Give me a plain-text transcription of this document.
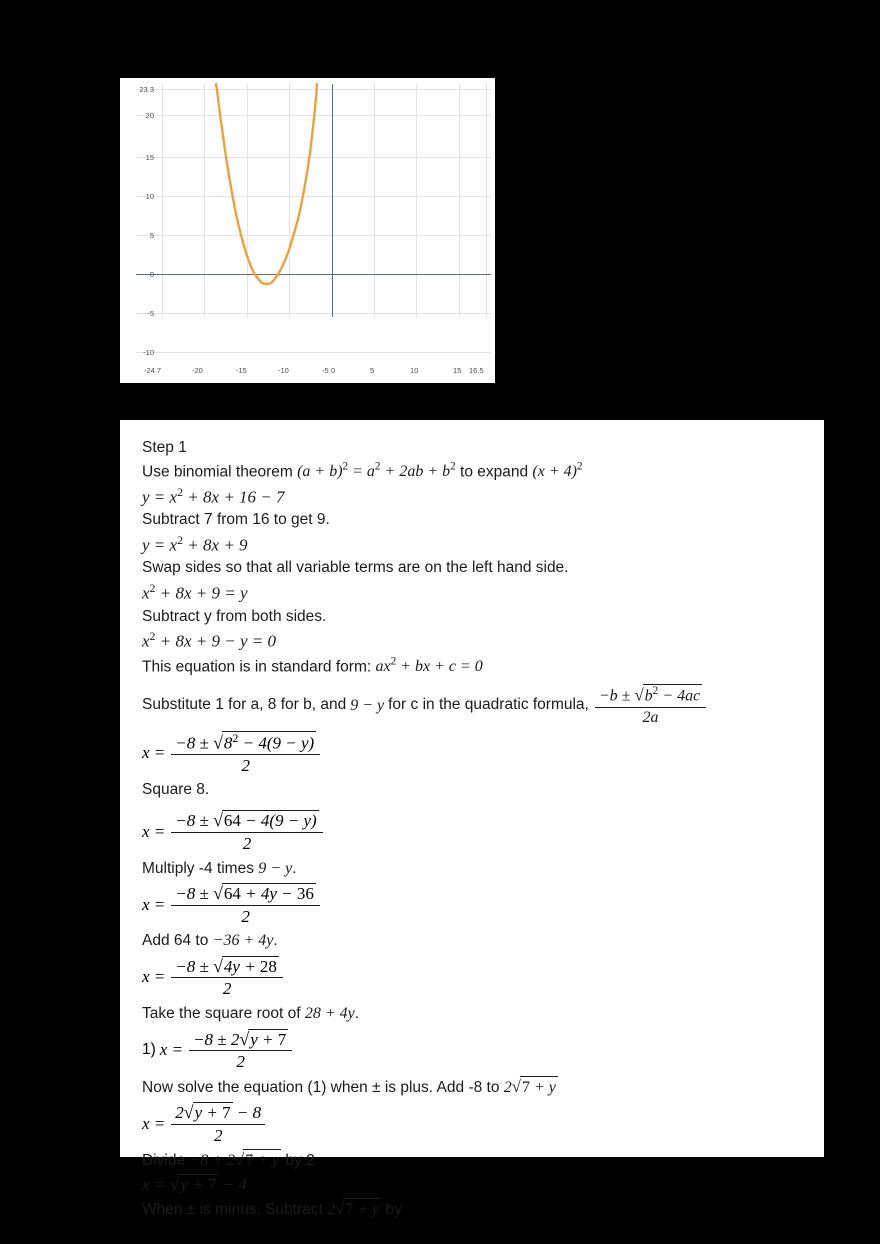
23.3
20
15
10
5
0
-5
-10
-24.7	-20	-15	-10	-5 0	5	10	15 16.5
Step 1
Use binomial theorem $(a + b)^2 = a^2 + 2ab + b^2$ to expand $(x + 4)^2$
$y = x^2 + 8x + 16 - 7$
Subtract 7 from 16 to get 9.
$y = x^2 + 8x + 9$
Swap sides so that all variable terms are on the left hand side.
$x^2 + 8x + 9 = y$
Subtract y from both sides.
$x^2 + 8x + 9 - y = 0$
This equation is in standard form: $ax^2$ + bx + c = 0
Substitute 1 for a, 8 for b, and 9 − y for c in the quadratic formula, $\frac{-b \pm √b^2 - 4ac}{2a}$
$x = \frac{-8 \pm √8^2 - 4(9 - y)}{2}$
Square 8.
$x = \frac{-8 \pm √64 - 4(9 - y)}{2}$
Multiply -4 times 9 − y.
$x = \frac{-8 \pm √64 + 4y - 36}{2}$
Add 64 to −36 + 4y.
$x = \frac{-8 \pm √4y + 28}{2}$
Take the square root of 28 + 4y.
1) $x = \frac{-8 \pm 2√y + 7}{2}$
Now solve the equation (1) when ± is plus. Add -8 to 2√7 + y
$x = \frac{2√y + 7 - 8}{2}$
Divide −8 + 2√7 + y by 2
x = √y + 7 − 4
When ± is minus. Subtract 2√7 + y by
